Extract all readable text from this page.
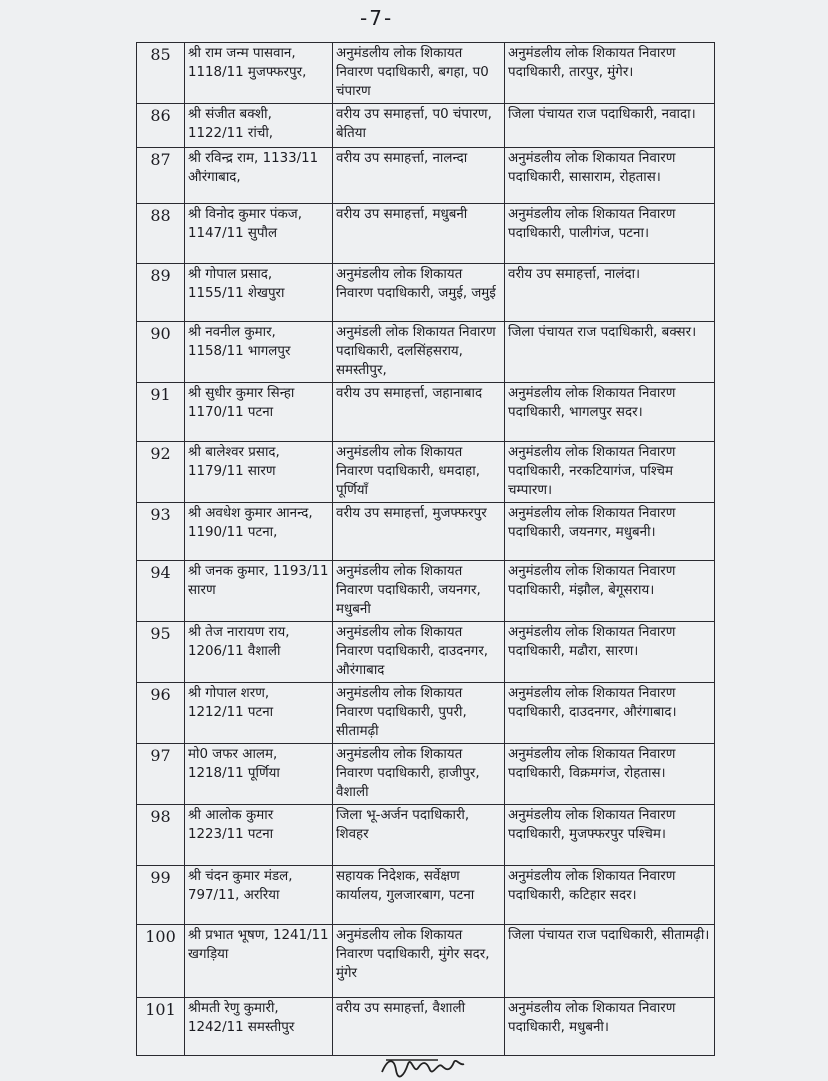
-7-
85	श्री राम जन्म पासवान, 1118/11 मुजफ्फरपुर,	अनुमंडलीय लोक शिकायत निवारण पदाधिकारी, बगहा, प0 चंपारण	अनुमंडलीय लोक शिकायत निवारण पदाधिकारी, तारपुर, मुंगेर।
86	श्री संजीत बक्शी, 1122/11 रांची,	वरीय उप समाहर्त्ता, प0 चंपारण, बेतिया	जिला पंचायत राज पदाधिकारी, नवादा।
87	श्री रविन्द्र राम, 1133/11 औरंगाबाद,	वरीय उप समाहर्त्ता, नालन्दा	अनुमंडलीय लोक शिकायत निवारण पदाधिकारी, सासाराम, रोहतास।
88	श्री विनोद कुमार पंकज, 1147/11 सुपौल	वरीय उप समाहर्त्ता, मधुबनी	अनुमंडलीय लोक शिकायत निवारण पदाधिकारी, पालीगंज, पटना।
89	श्री गोपाल प्रसाद, 1155/11 शेखपुरा	अनुमंडलीय लोक शिकायत निवारण पदाधिकारी, जमुई, जमुई	वरीय उप समाहर्त्ता, नालंदा।
90	श्री नवनील कुमार, 1158/11 भागलपुर	अनुमंडली लोक शिकायत निवारण पदाधिकारी, दलसिंहसराय, समस्तीपुर,	जिला पंचायत राज पदाधिकारी, बक्सर।
91	श्री सुधीर कुमार सिन्हा 1170/11 पटना	वरीय उप समाहर्त्ता, जहानाबाद	अनुमंडलीय लोक शिकायत निवारण पदाधिकारी, भागलपुर सदर।
92	श्री बालेश्वर प्रसाद, 1179/11 सारण	अनुमंडलीय लोक शिकायत निवारण पदाधिकारी, धमदाहा, पूर्णियाँ	अनुमंडलीय लोक शिकायत निवारण पदाधिकारी, नरकटियागंज, पश्चिम चम्पारण।
93	श्री अवधेश कुमार आनन्द, 1190/11 पटना,	वरीय उप समाहर्त्ता, मुजफ्फरपुर	अनुमंडलीय लोक शिकायत निवारण पदाधिकारी, जयनगर, मधुबनी।
94	श्री जनक कुमार, 1193/11 सारण	अनुमंडलीय लोक शिकायत निवारण पदाधिकारी, जयनगर, मधुबनी	अनुमंडलीय लोक शिकायत निवारण पदाधिकारी, मंझौल, बेगूसराय।
95	श्री तेज नारायण राय, 1206/11 वैशाली	अनुमंडलीय लोक शिकायत निवारण पदाधिकारी, दाउदनगर, औरंगाबाद	अनुमंडलीय लोक शिकायत निवारण पदाधिकारी, मढौरा, सारण।
96	श्री गोपाल शरण, 1212/11 पटना	अनुमंडलीय लोक शिकायत निवारण पदाधिकारी, पुपरी, सीतामढ़ी	अनुमंडलीय लोक शिकायत निवारण पदाधिकारी, दाउदनगर, औरंगाबाद।
97	मो0 जफर आलम, 1218/11 पूर्णिया	अनुमंडलीय लोक शिकायत निवारण पदाधिकारी, हाजीपुर, वैशाली	अनुमंडलीय लोक शिकायत निवारण पदाधिकारी, विक्रमगंज, रोहतास।
98	श्री आलोक कुमार 1223/11 पटना	जिला भू-अर्जन पदाधिकारी, शिवहर	अनुमंडलीय लोक शिकायत निवारण पदाधिकारी, मुजफ्फरपुर पश्चिम।
99	श्री चंदन कुमार मंडल, 797/11, अररिया	सहायक निदेशक, सर्वेक्षण कार्यालय, गुलजारबाग, पटना	अनुमंडलीय लोक शिकायत निवारण पदाधिकारी, कटिहार सदर।
100	श्री प्रभात भूषण, 1241/11 खगड़िया	अनुमंडलीय लोक शिकायत निवारण पदाधिकारी, मुंगेर सदर, मुंगेर	जिला पंचायत राज पदाधिकारी, सीतामढ़ी।
101	श्रीमती रेणु कुमारी, 1242/11 समस्तीपुर	वरीय उप समाहर्त्ता, वैशाली	अनुमंडलीय लोक शिकायत निवारण पदाधिकारी, मधुबनी।
